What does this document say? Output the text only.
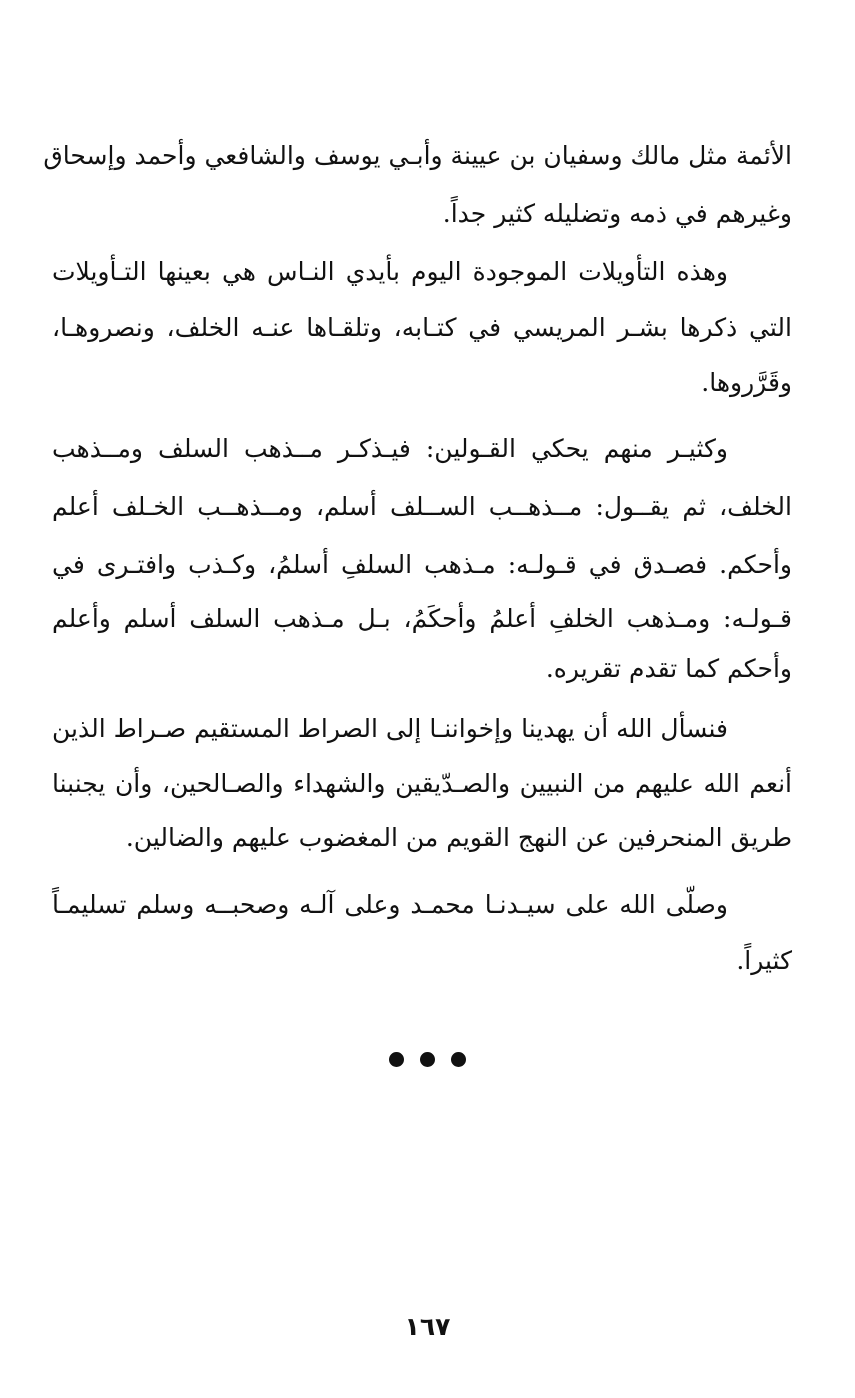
الأئمة مثل مالك وسفيان بن عيينة وأبـي يوسف والشافعي وأحمد وإسحاق
وغيرهم في ذمه وتضليله كثير جداً.
وهذه التأويلات الموجودة اليوم بأيدي النـاس هي بعينها التـأويلات
التي ذكرها بشـر المريسي في كتـابه، وتلقـاها عنـه الخلف، ونصروهـا،
وقَرَّروها.
وكثيـر منهم يحكي القـولين: فيـذكـر مــذهب السلف ومــذهب
الخلف، ثم يقــول: مــذهــب الســلف أسلم، ومــذهــب الخـلف أعلم
وأحكم. فصـدق في قـولـه: مـذهب السلفِ أسلمُ، وكـذب وافتـرى في
قـولـه: ومـذهب الخلفِ أعلمُ وأحكَمُ، بـل مـذهب السلف أسلم وأعلم
وأحكم كما تقدم تقريره.
فنسأل الله أن يهدينا وإخواننـا إلى الصراط المستقيم صـراط الذين
أنعم الله عليهم من النبيين والصـدّيقين والشهداء والصـالحين، وأن يجنبنا
طريق المنحرفين عن النهج القويم من المغضوب عليهم والضالين.
وصلّى الله على سيـدنـا محمـد وعلى آلـه وصحبــه وسلم تسليمـاً
كثيراً.
١٦٧
